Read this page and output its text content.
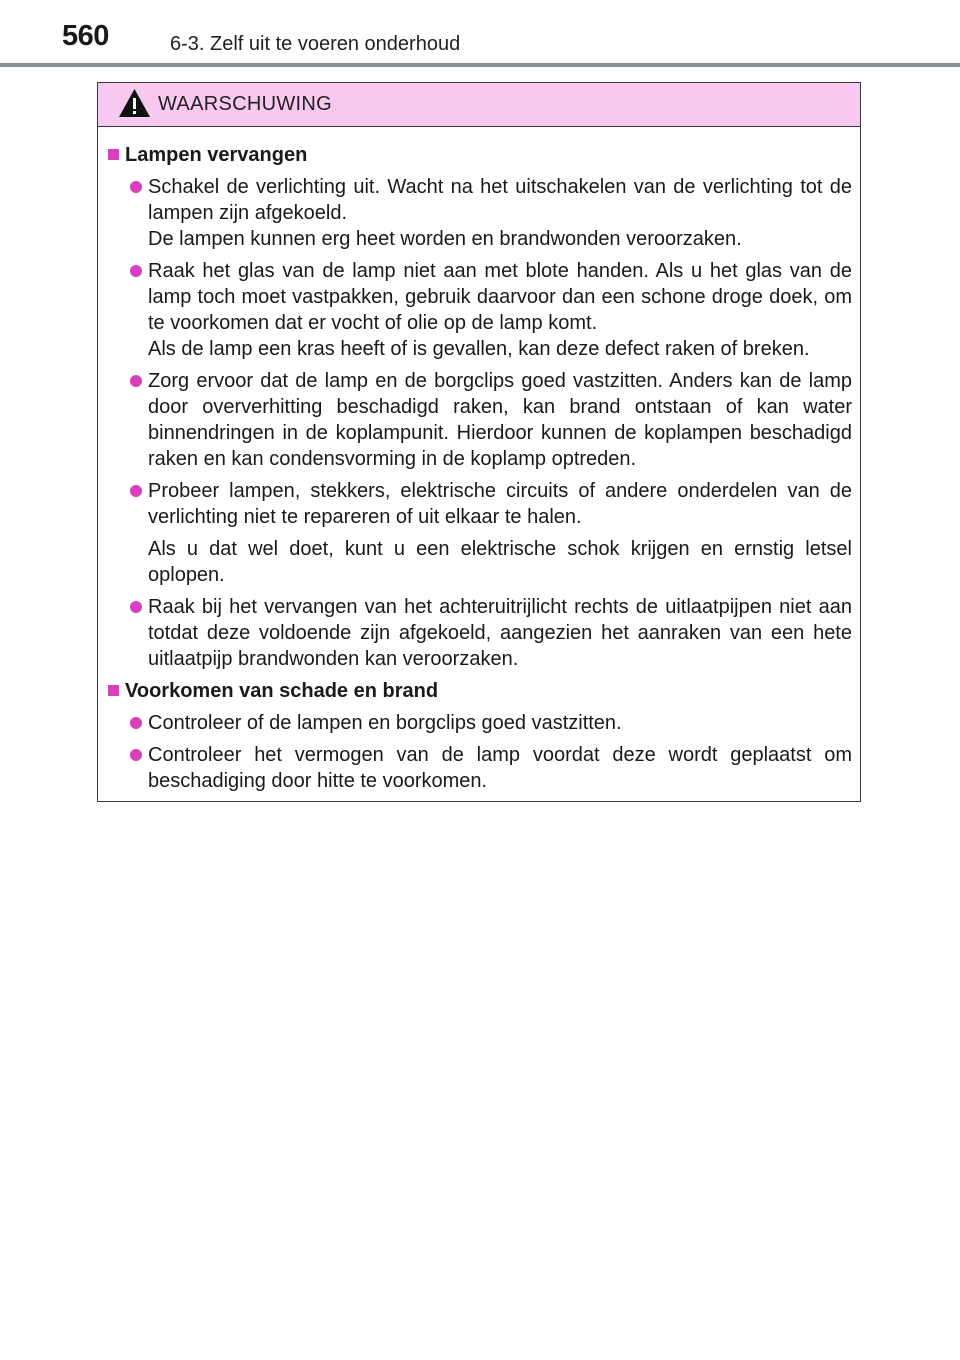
560	6-3. Zelf uit te voeren onderhoud
WAARSCHUWING
Lampen vervangen

Schakel de verlichting uit. Wacht na het uitschakelen van de verlichting tot de lampen zijn afgekoeld.

De lampen kunnen erg heet worden en brandwonden veroorzaken.

Raak het glas van de lamp niet aan met blote handen. Als u het glas van de lamp toch moet vastpakken, gebruik daarvoor dan een schone droge doek, om te voorkomen dat er vocht of olie op de lamp komt.

Als de lamp een kras heeft of is gevallen, kan deze defect raken of breken.

Zorg ervoor dat de lamp en de borgclips goed vastzitten. Anders kan de lamp door oververhitting beschadigd raken, kan brand ontstaan of kan water binnendringen in de koplampunit. Hierdoor kunnen de koplampen beschadigd raken en kan condensvorming in de koplamp optreden.

Probeer lampen, stekkers, elektrische circuits of andere onderdelen van de verlichting niet te repareren of uit elkaar te halen.

Als u dat wel doet, kunt u een elektrische schok krijgen en ernstig letsel oplopen.

Raak bij het vervangen van het achteruitrijlicht rechts de uitlaatpijpen niet aan totdat deze voldoende zijn afgekoeld, aangezien het aanraken van een hete uitlaatpijp brandwonden kan veroorzaken.

Voorkomen van schade en brand

Controleer of de lampen en borgclips goed vastzitten.

Controleer het vermogen van de lamp voordat deze wordt geplaatst om beschadiging door hitte te voorkomen.
